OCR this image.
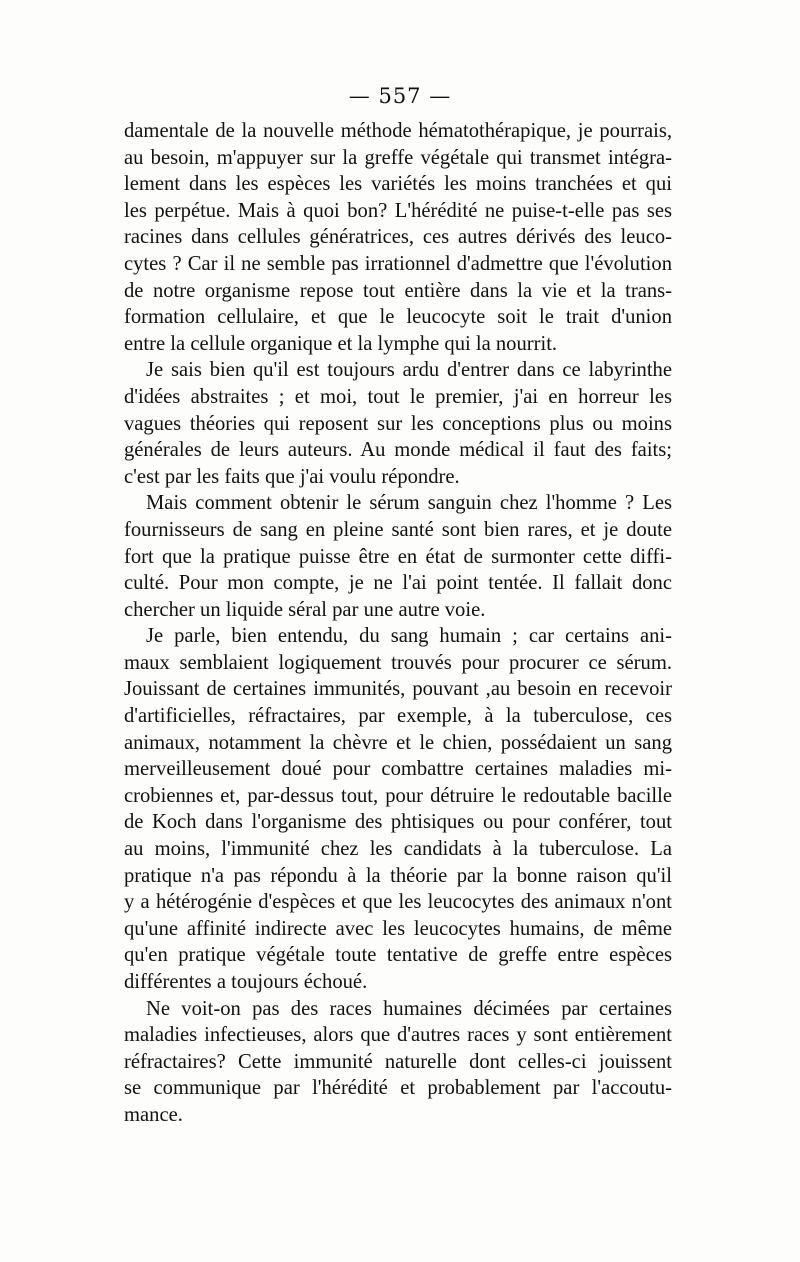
— 557 —
damentale de la nouvelle méthode hématothérapique, je pourrais,
au besoin, m'appuyer sur la greffe végétale qui transmet intégra-
lement dans les espèces les variétés les moins tranchées et qui
les perpétue. Mais à quoi bon? L'hérédité ne puise-t-elle pas ses
racines dans cellules génératrices, ces autres dérivés des leuco-
cytes ? Car il ne semble pas irrationnel d'admettre que l'évolution
de notre organisme repose tout entière dans la vie et la trans-
formation cellulaire, et que le leucocyte soit le trait d'union
entre la cellule organique et la lymphe qui la nourrit.
Je sais bien qu'il est toujours ardu d'entrer dans ce labyrinthe
d'idées abstraites ; et moi, tout le premier, j'ai en horreur les
vagues théories qui reposent sur les conceptions plus ou moins
générales de leurs auteurs. Au monde médical il faut des faits;
c'est par les faits que j'ai voulu répondre.
Mais comment obtenir le sérum sanguin chez l'homme ? Les
fournisseurs de sang en pleine santé sont bien rares, et je doute
fort que la pratique puisse être en état de surmonter cette diffi-
culté. Pour mon compte, je ne l'ai point tentée. Il fallait donc
chercher un liquide séral par une autre voie.
Je parle, bien entendu, du sang humain ; car certains ani-
maux semblaient logiquement trouvés pour procurer ce sérum.
Jouissant de certaines immunités, pouvant ,au besoin en recevoir
d'artificielles, réfractaires, par exemple, à la tuberculose, ces
animaux, notamment la chèvre et le chien, possédaient un sang
merveilleusement doué pour combattre certaines maladies mi-
crobiennes et, par-dessus tout, pour détruire le redoutable bacille
de Koch dans l'organisme des phtisiques ou pour conférer, tout
au moins, l'immunité chez les candidats à la tuberculose. La
pratique n'a pas répondu à la théorie par la bonne raison qu'il
y a hétérogénie d'espèces et que les leucocytes des animaux n'ont
qu'une affinité indirecte avec les leucocytes humains, de même
qu'en pratique végétale toute tentative de greffe entre espèces
différentes a toujours échoué.
Ne voit-on pas des races humaines décimées par certaines
maladies infectieuses, alors que d'autres races y sont entièrement
réfractaires? Cette immunité naturelle dont celles-ci jouissent
se communique par l'hérédité et probablement par l'accoutu-
mance.
